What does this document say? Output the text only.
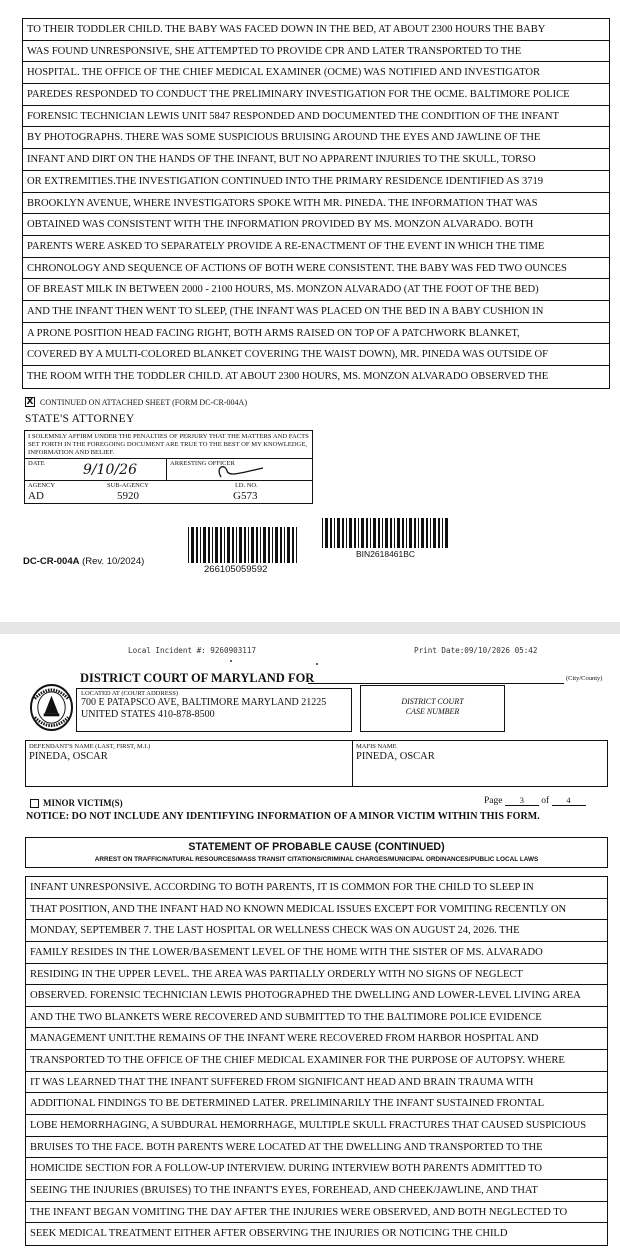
TO THEIR TODDLER CHILD. THE BABY WAS FACED DOWN IN THE BED, AT ABOUT 2300 HOURS THE BABY
WAS FOUND UNRESPONSIVE, SHE ATTEMPTED TO PROVIDE CPR AND LATER TRANSPORTED TO THE
HOSPITAL. THE OFFICE OF THE CHIEF MEDICAL EXAMINER (OCME) WAS NOTIFIED AND INVESTIGATOR
PAREDES RESPONDED TO CONDUCT THE PRELIMINARY INVESTIGATION FOR THE OCME. BALTIMORE POLICE
FORENSIC TECHNICIAN LEWIS UNIT 5847 RESPONDED AND DOCUMENTED THE CONDITION OF THE INFANT
BY PHOTOGRAPHS. THERE WAS SOME SUSPICIOUS BRUISING AROUND THE EYES AND JAWLINE OF THE
INFANT AND DIRT ON THE HANDS OF THE INFANT, BUT NO APPARENT INJURIES TO THE SKULL, TORSO
OR EXTREMITIES.THE INVESTIGATION CONTINUED INTO THE PRIMARY RESIDENCE IDENTIFIED AS 3719
BROOKLYN AVENUE, WHERE INVESTIGATORS SPOKE WITH MR. PINEDA. THE INFORMATION THAT WAS
OBTAINED WAS CONSISTENT WITH THE INFORMATION PROVIDED BY MS. MONZON ALVARADO. BOTH
PARENTS WERE ASKED TO SEPARATELY PROVIDE A RE-ENACTMENT OF THE EVENT IN WHICH THE TIME
CHRONOLOGY AND SEQUENCE OF ACTIONS OF BOTH WERE CONSISTENT. THE BABY WAS FED TWO OUNCES
OF BREAST MILK IN BETWEEN 2000 - 2100 HOURS, MS. MONZON ALVARADO (AT THE FOOT OF THE BED)
AND THE INFANT THEN WENT TO SLEEP, (THE INFANT WAS PLACED ON THE BED IN A BABY CUSHION IN
A PRONE POSITION HEAD FACING RIGHT, BOTH ARMS RAISED ON TOP OF A PATCHWORK BLANKET,
COVERED BY A MULTI-COLORED BLANKET COVERING THE WAIST DOWN), MR. PINEDA WAS OUTSIDE OF
THE ROOM WITH THE TODDLER CHILD. AT ABOUT 2300 HOURS, MS. MONZON ALVARADO OBSERVED THE
X CONTINUED ON ATTACHED SHEET (FORM DC-CR-004A)
STATE'S ATTORNEY
I SOLEMNLY AFFIRM UNDER THE PENALTIES OF PERJURY THAT THE MATTERS AND FACTS SET FORTH IN THE FOREGOING DOCUMENT ARE TRUE TO THE BEST OF MY KNOWLEDGE, INFORMATION AND BELIEF.
DATE	9/10/26	ARRESTING OFFICER
AGENCY
AD
SUB-AGENCY
5920
I.D. NO.
G573
266105059592
BIN2618461BC
DC-CR-004A (Rev. 10/2024)
Local Incident #: 9260903117	Print Date:09/10/2026 05:42
DISTRICT COURT OF MARYLAND FOR	(City/County)
LOCATED AT (COURT ADDRESS)
700 E PATAPSCO AVE, BALTIMORE MARYLAND 21225
UNITED STATES 410-878-8500
DISTRICT COURT
CASE NUMBER
DEFENDANT'S NAME (LAST, FIRST, M.I.)
PINEDA, OSCAR
MAFIS NAME
PINEDA, OSCAR
MINOR VICTIM(S)	Page 3 of 4
NOTICE: DO NOT INCLUDE ANY IDENTIFYING INFORMATION OF A MINOR VICTIM WITHIN THIS FORM.
STATEMENT OF PROBABLE CAUSE (CONTINUED)
ARREST ON TRAFFIC/NATURAL RESOURCES/MASS TRANSIT CITATIONS/CRIMINAL CHARGES/MUNICIPAL ORDINANCES/PUBLIC LOCAL LAWS
INFANT UNRESPONSIVE. ACCORDING TO BOTH PARENTS, IT IS COMMON FOR THE CHILD TO SLEEP IN
THAT POSITION, AND THE INFANT HAD NO KNOWN MEDICAL ISSUES EXCEPT FOR VOMITING RECENTLY ON
MONDAY, SEPTEMBER 7. THE LAST HOSPITAL OR WELLNESS CHECK WAS ON AUGUST 24, 2026. THE
FAMILY RESIDES IN THE LOWER/BASEMENT LEVEL OF THE HOME WITH THE SISTER OF MS. ALVARADO
RESIDING IN THE UPPER LEVEL. THE AREA WAS PARTIALLY ORDERLY WITH NO SIGNS OF NEGLECT
OBSERVED. FORENSIC TECHNICIAN LEWIS PHOTOGRAPHED THE DWELLING AND LOWER-LEVEL LIVING AREA
AND THE TWO BLANKETS WERE RECOVERED AND SUBMITTED TO THE BALTIMORE POLICE EVIDENCE
MANAGEMENT UNIT.THE REMAINS OF THE INFANT WERE RECOVERED FROM HARBOR HOSPITAL AND
TRANSPORTED TO THE OFFICE OF THE CHIEF MEDICAL EXAMINER FOR THE PURPOSE OF AUTOPSY. WHERE
IT WAS LEARNED THAT THE INFANT SUFFERED FROM SIGNIFICANT HEAD AND BRAIN TRAUMA WITH
ADDITIONAL FINDINGS TO BE DETERMINED LATER. PRELIMINARILY THE INFANT SUSTAINED FRONTAL
LOBE HEMORRHAGING, A SUBDURAL HEMORRHAGE, MULTIPLE SKULL FRACTURES THAT CAUSED SUSPICIOUS
BRUISES TO THE FACE. BOTH PARENTS WERE LOCATED AT THE DWELLING AND TRANSPORTED TO THE
HOMICIDE SECTION FOR A FOLLOW-UP INTERVIEW. DURING INTERVIEW BOTH PARENTS ADMITTED TO
SEEING THE INJURIES (BRUISES) TO THE INFANT'S EYES, FOREHEAD, AND CHEEK/JAWLINE, AND THAT
THE INFANT BEGAN VOMITING THE DAY AFTER THE INJURIES WERE OBSERVED, AND BOTH NEGLECTED TO
SEEK MEDICAL TREATMENT EITHER AFTER OBSERVING THE INJURIES OR NOTICING THE CHILD
